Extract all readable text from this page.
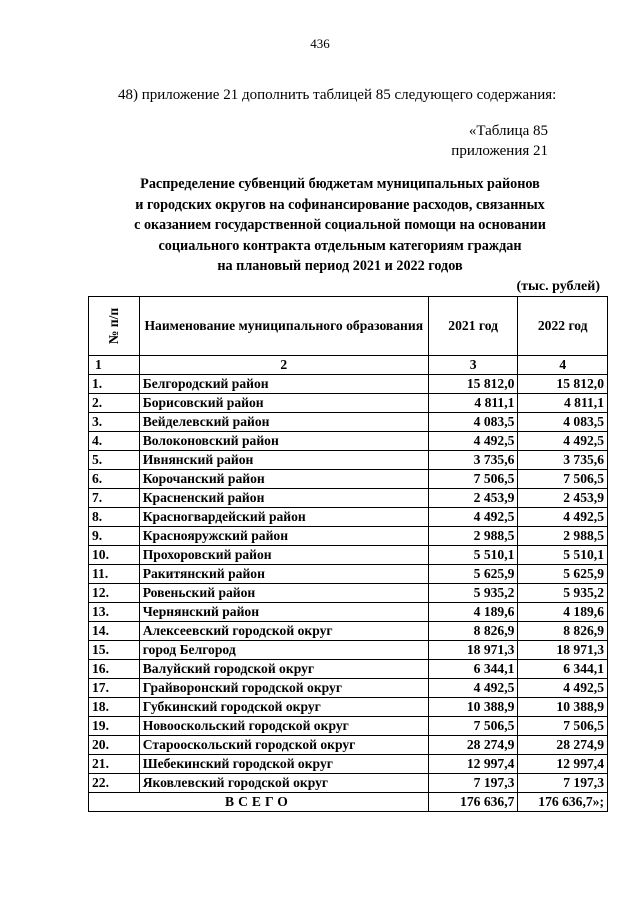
436
48) приложение 21 дополнить таблицей 85 следующего содержания:
«Таблица 85
приложения 21
Распределение субвенций бюджетам муниципальных районов
и городских округов на софинансирование расходов, связанных
с оказанием государственной социальной помощи на основании
социального контракта отдельным категориям граждан
на плановый период 2021 и 2022 годов
(тыс. рублей)
№ п/п	Наименование муниципального образования	2021 год	2022 год
1	2	3	4
1.	Белгородский район	15 812,0	15 812,0
2.	Борисовский район	4 811,1	4 811,1
3.	Вейделевский район	4 083,5	4 083,5
4.	Волоконовский район	4 492,5	4 492,5
5.	Ивнянский район	3 735,6	3 735,6
6.	Корочанский район	7 506,5	7 506,5
7.	Красненский район	2 453,9	2 453,9
8.	Красногвардейский район	4 492,5	4 492,5
9.	Краснояружский район	2 988,5	2 988,5
10.	Прохоровский район	5 510,1	5 510,1
11.	Ракитянский район	5 625,9	5 625,9
12.	Ровеньский район	5 935,2	5 935,2
13.	Чернянский район	4 189,6	4 189,6
14.	Алексеевский городской округ	8 826,9	8 826,9
15.	город Белгород	18 971,3	18 971,3
16.	Валуйский городской округ	6 344,1	6 344,1
17.	Грайворонский городской округ	4 492,5	4 492,5
18.	Губкинский городской округ	10 388,9	10 388,9
19.	Новооскольский городской округ	7 506,5	7 506,5
20.	Старооскольский городской округ	28 274,9	28 274,9
21.	Шебекинский городской округ	12 997,4	12 997,4
22.	Яковлевский городской округ	7 197,3	7 197,3
ВСЕГО		176 636,7	176 636,7»;
